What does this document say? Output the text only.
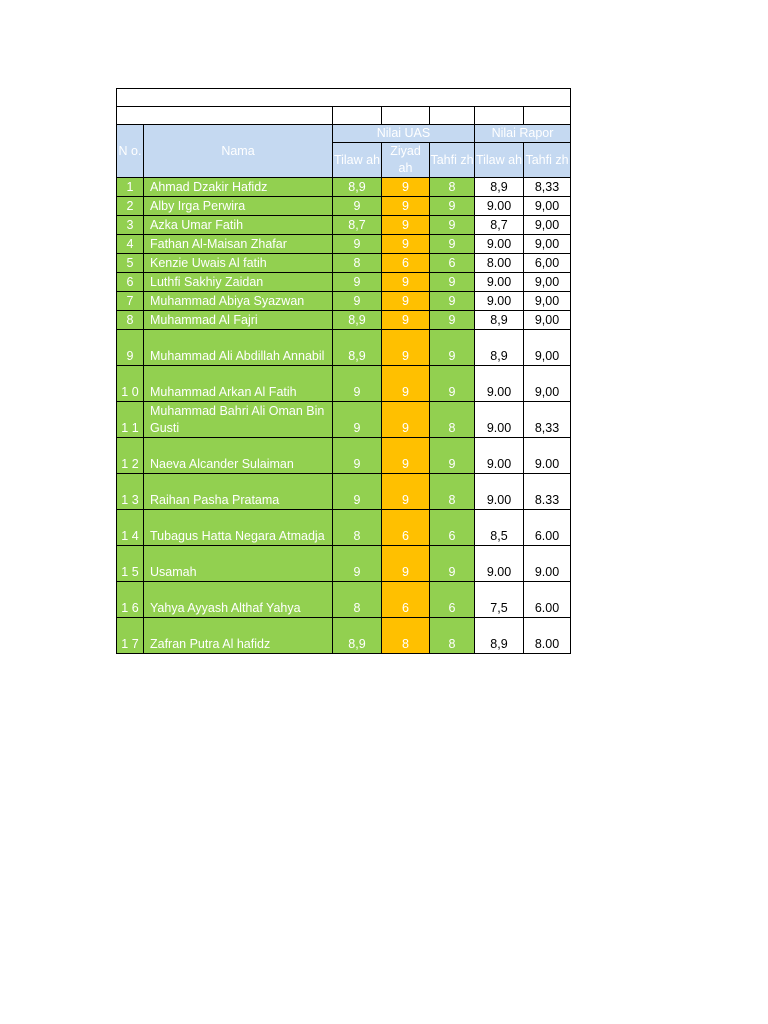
N o.	Nama	Nilai UAS			Nilai Rapor	
		Tilaw ah	Ziyad ah	Tahfi zh	Tilaw ah	Tahfi zh

1	Ahmad Dzakir Hafidz	8,9	9	8	8,9	8,33
2	Alby Irga Perwira	9	9	9	9.00	9,00
3	Azka Umar Fatih	8,7	9	9	8,7	9,00
4	Fathan Al-Maisan Zhafar	9	9	9	9.00	9,00
5	Kenzie Uwais Al fatih	8	6	6	8.00	6,00
6	Luthfi Sakhiy Zaidan	9	9	9	9.00	9,00
7	Muhammad Abiya Syazwan	9	9	9	9.00	9,00
8	Muhammad Al Fajri	8,9	9	9	8,9	9,00
9	Muhammad Ali Abdillah Annabil	8,9	9	9	8,9	9,00
1 0	Muhammad Arkan Al Fatih	9	9	9	9.00	9,00
1 1	Muhammad Bahri Ali Oman Bin Gusti	9	9	8	9.00	8,33
1 2	Naeva Alcander Sulaiman	9	9	9	9.00	9.00
1 3	Raihan Pasha Pratama	9	9	8	9.00	8.33
1 4	Tubagus Hatta Negara Atmadja	8	6	6	8,5	6.00
1 5	Usamah	9	9	9	9.00	9.00
1 6	Yahya Ayyash Althaf Yahya	8	6	6	7,5	6.00
1 7	Zafran Putra Al hafidz	8,9	8	8	8,9	8.00
